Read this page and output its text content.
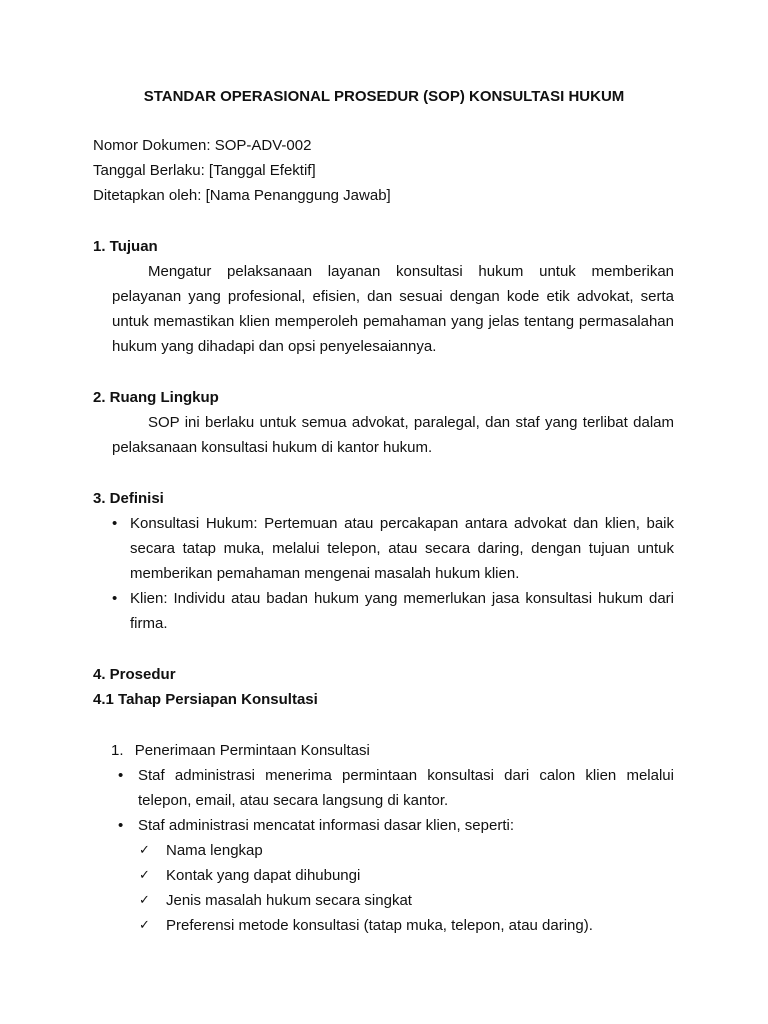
STANDAR OPERASIONAL PROSEDUR (SOP) KONSULTASI HUKUM
Nomor Dokumen: SOP-ADV-002
Tanggal Berlaku: [Tanggal Efektif]
Ditetapkan oleh: [Nama Penanggung Jawab]
1. Tujuan
Mengatur pelaksanaan layanan konsultasi hukum untuk memberikan pelayanan yang profesional, efisien, dan sesuai dengan kode etik advokat, serta untuk memastikan klien memperoleh pemahaman yang jelas tentang permasalahan hukum yang dihadapi dan opsi penyelesaiannya.
2. Ruang Lingkup
SOP ini berlaku untuk semua advokat, paralegal, dan staf yang terlibat dalam pelaksanaan konsultasi hukum di kantor hukum.
3. Definisi
• Konsultasi Hukum: Pertemuan atau percakapan antara advokat dan klien, baik secara tatap muka, melalui telepon, atau secara daring, dengan tujuan untuk memberikan pemahaman mengenai masalah hukum klien.
• Klien: Individu atau badan hukum yang memerlukan jasa konsultasi hukum dari firma.
4. Prosedur
4.1 Tahap Persiapan Konsultasi
1. Penerimaan Permintaan Konsultasi
• Staf administrasi menerima permintaan konsultasi dari calon klien melalui telepon, email, atau secara langsung di kantor.
• Staf administrasi mencatat informasi dasar klien, seperti:
✓ Nama lengkap
✓ Kontak yang dapat dihubungi
✓ Jenis masalah hukum secara singkat
✓ Preferensi metode konsultasi (tatap muka, telepon, atau daring).
